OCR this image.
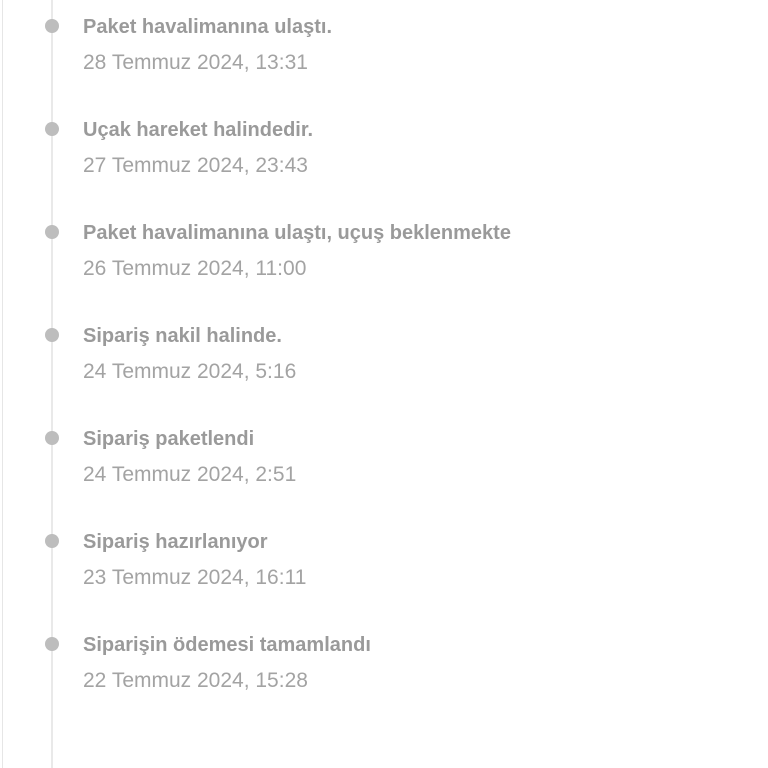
Paket havalimanına ulaştı.
28 Temmuz 2024, 13:31
Uçak hareket halindedir.
27 Temmuz 2024, 23:43
Paket havalimanına ulaştı, uçuş beklenmekte
26 Temmuz 2024, 11:00
Sipariş nakil halinde.
24 Temmuz 2024, 5:16
Sipariş paketlendi
24 Temmuz 2024, 2:51
Sipariş hazırlanıyor
23 Temmuz 2024, 16:11
Siparişin ödemesi tamamlandı
22 Temmuz 2024, 15:28
